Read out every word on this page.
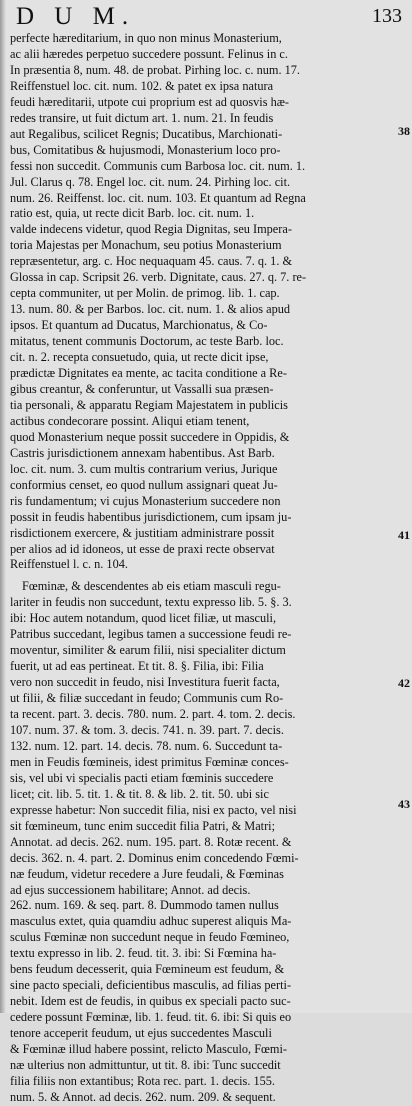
D U M.	133
perfecte hæreditarium, in quo non minus Monasterium,
ac alii hæredes perpetuo succedere possunt. Felinus in c.
In præsentia 8, num. 48. de probat. Pirhing loc. c. num. 17.
Reiffenstuel loc. cit. num. 102. & patet ex ipsa natura
feudi hæreditarii, utpote cui proprium est ad quosvis hæ-
redes transire, ut fuit dictum art. 1. num. 21. In feudis
aut Regalibus, scilicet Regnis; Ducatibus, Marchionati-
bus, Comitatibus & hujusmodi, Monasterium loco pro-
fessi non succedit. Communis cum Barbosa loc. cit. num. 1.
Jul. Clarus q. 78. Engel loc. cit. num. 24. Pirhing loc. cit.
num. 26. Reiffenst. loc. cit. num. 103. Et quantum ad Regna
ratio est, quia, ut recte dicit Barb. loc. cit. num. 1.
valde indecens videtur, quod Regia Dignitas, seu Impera-
toria Majestas per Monachum, seu potius Monasterium
repræsentetur, arg. c. Hoc nequaquam 45. caus. 7. q. 1. &
Glossa in cap. Scripsit 26. verb. Dignitate, caus. 27. q. 7. re-
cepta communiter, ut per Molin. de primog. lib. 1. cap.
13. num. 80. & per Barbos. loc. cit. num. 1. & alios apud
ipsos. Et quantum ad Ducatus, Marchionatus, & Co-
mitatus, tenent communis Doctorum, ac teste Barb. loc.
cit. n. 2. recepta consuetudo, quia, ut recte dicit ipse,
prædictæ Dignitates ea mente, ac tacita conditione a Re-
gibus creantur, & conferuntur, ut Vassalli sua præsen-
tia personali, & apparatu Regiam Majestatem in publicis
actibus condecorare possint. Aliqui etiam tenent,
quod Monasterium neque possit succedere in Oppidis, &
Castris jurisdictionem annexam habentibus. Ast Barb.
loc. cit. num. 3. cum multis contrarium verius, Jurique
conformius censet, eo quod nullum assignari queat Ju-
ris fundamentum; vi cujus Monasterium succedere non
possit in feudis habentibus jurisdictionem, cum ipsam ju-
risdictionem exercere, & justitiam administrare possit
per alios ad id idoneos, ut esse de praxi recte observat
Reiffenstuel l. c. n. 104.
Fœminæ, & descendentes ab eis etiam masculi regu-
lariter in feudis non succedunt, textu expresso lib. 5. §. 3.
ibi: Hoc autem notandum, quod licet filiæ, ut masculi,
Patribus succedant, legibus tamen a successione feudi re-
moventur, similiter & earum filii, nisi specialiter dictum
fuerit, ut ad eas pertineat. Et tit. 8. §. Filia, ibi: Filia
vero non succedit in feudo, nisi Investitura fuerit facta,
ut filii, & filiæ succedant in feudo; Communis cum Ro-
ta recent. part. 3. decis. 780. num. 2. part. 4. tom. 2. decis.
107. num. 37. & tom. 3. decis. 741. n. 39. part. 7. decis.
132. num. 12. part. 14. decis. 78. num. 6. Succedunt ta-
men in Feudis fœmineis, idest primitus Fœminæ conces-
sis, vel ubi vi specialis pacti etiam fœminis succedere
licet; cit. lib. 5. tit. 1. & tit. 8. & lib. 2. tit. 50. ubi sic
expresse habetur: Non succedit filia, nisi ex pacto, vel nisi
sit fœmineum, tunc enim succedit filia Patri, & Matri;
Annotat. ad decis. 262. num. 195. part. 8. Rotæ recent. &
decis. 362. n. 4. part. 2. Dominus enim concedendo Fœmi-
næ feudum, videtur recedere a Jure feudali, & Fœminas
ad ejus successionem habilitare; Annot. ad decis.
262. num. 169. & seq. part. 8. Dummodo tamen nullus
masculus extet, quia quamdiu adhuc superest aliquis Ma-
sculus Fœminæ non succedunt neque in feudo Fœmineo,
textu expresso in lib. 2. feud. tit. 3. ibi: Si Fœmina ha-
bens feudum decesserit, quia Fœmineum est feudum, &
sine pacto speciali, deficientibus masculis, ad filias perti-
nebit. Idem est de feudis, in quibus ex speciali pacto suc-
cedere possunt Fœminæ, lib. 1. feud. tit. 6. ibi: Si quis eo
tenore acceperit feudum, ut ejus succedentes Masculi
& Fœminæ illud habere possint, relicto Masculo, Fœmi-
næ ulterius non admittuntur, ut tit. 8. ibi: Tunc succedit
filia filiis non extantibus; Rota rec. part. 1. decis. 155.
num. 5. & Annot. ad decis. 262. num. 209. & sequent.
38
41
42
43
